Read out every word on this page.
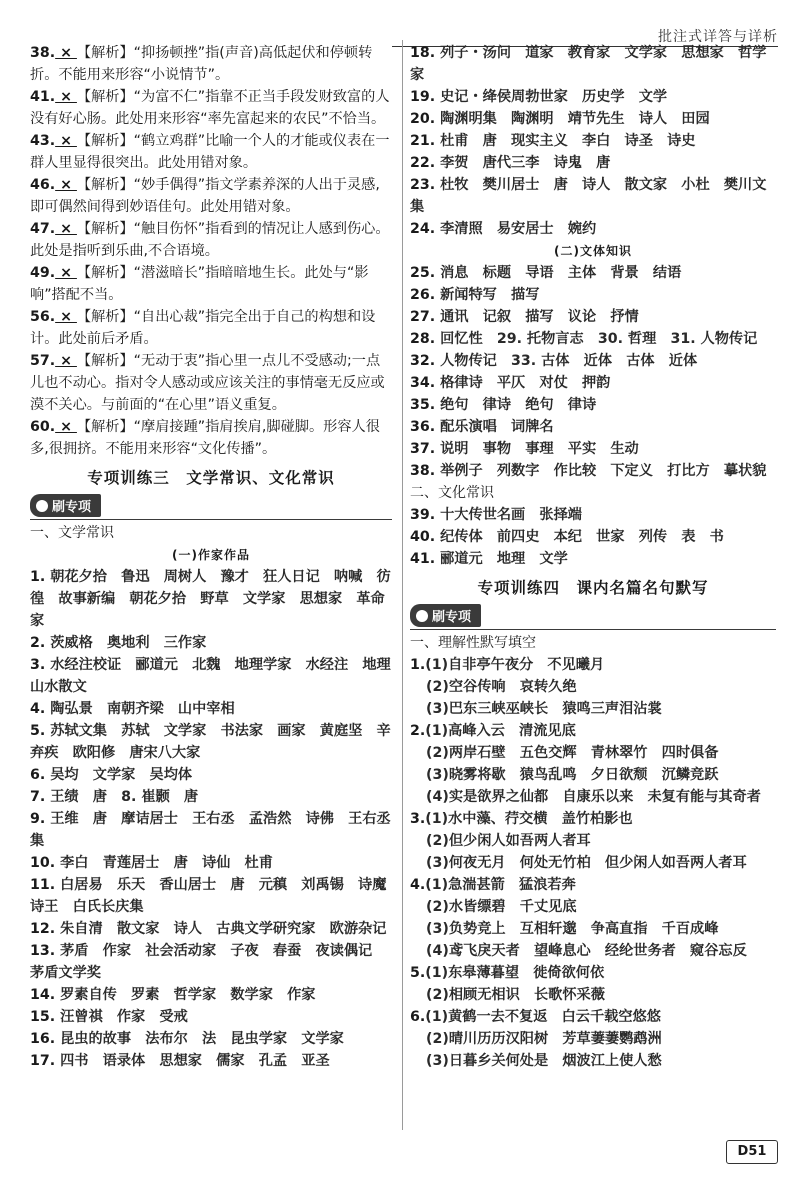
批注式详答与详析
38. × 【解析】“抑扬顿挫”指(声音)高低起伏和停顿转折。不能用来形容“小说情节”。
41. × 【解析】“为富不仁”指靠不正当手段发财致富的人没有好心肠。此处用来形容“率先富起来的农民”不恰当。
43. × 【解析】“鹤立鸡群”比喻一个人的才能或仪表在一群人里显得很突出。此处用错对象。
46. × 【解析】“妙手偶得”指文学素养深的人出于灵感,即可偶然间得到妙语佳句。此处用错对象。
47. × 【解析】“触目伤怀”指看到的情况让人感到伤心。此处是指听到乐曲,不合语境。
49. × 【解析】“潜滋暗长”指暗暗地生长。此处与“影响”搭配不当。
56. × 【解析】“自出心裁”指完全出于自己的构想和设计。此处前后矛盾。
57. × 【解析】“无动于衷”指心里一点儿不受感动;一点儿也不动心。指对令人感动或应该关注的事情毫无反应或漠不关心。与前面的“在心里”语义重复。
60. × 【解析】“摩肩接踵”指肩挨肩,脚碰脚。形容人很多,很拥挤。不能用来形容“文化传播”。
专项训练三　文学常识、文化常识
刷专项
一、文学常识
(一)作家作品
1. 朝花夕拾　鲁迅　周树人　豫才　狂人日记　呐喊　彷徨　故事新编　朝花夕拾　野草　文学家　思想家　革命家
2. 茨威格　奥地利　三作家
3. 水经注校证　郦道元　北魏　地理学家　水经注　地理　山水散文
4. 陶弘景　南朝齐梁　山中宰相
5. 苏轼文集　苏轼　文学家　书法家　画家　黄庭坚　辛弃疾　欧阳修　唐宋八大家
6. 吴均　文学家　吴均体
7. 王绩　唐　8. 崔颢　唐
9. 王维　唐　摩诘居士　王右丞　孟浩然　诗佛　王右丞集
10. 李白　青莲居士　唐　诗仙　杜甫
11. 白居易　乐天　香山居士　唐　元稹　刘禹锡　诗魔　诗王　白氏长庆集
12. 朱自清　散文家　诗人　古典文学研究家　欧游杂记
13. 茅盾　作家　社会活动家　子夜　春蚕　夜读偶记　茅盾文学奖
14. 罗素自传　罗素　哲学家　数学家　作家
15. 汪曾祺　作家　受戒
16. 昆虫的故事　法布尔　法　昆虫学家　文学家
17. 四书　语录体　思想家　儒家　孔孟　亚圣
18. 列子・汤问　道家　教育家　文学家　思想家　哲学家
19. 史记・绛侯周勃世家　历史学　文学
20. 陶渊明集　陶渊明　靖节先生　诗人　田园
21. 杜甫　唐　现实主义　李白　诗圣　诗史
22. 李贺　唐代三李　诗鬼　唐
23. 杜牧　樊川居士　唐　诗人　散文家　小杜　樊川文集
24. 李清照　易安居士　婉约
(二)文体知识
25. 消息　标题　导语　主体　背景　结语
26. 新闻特写　描写
27. 通讯　记叙　描写　议论　抒情
28. 回忆性　29. 托物言志　30. 哲理　31. 人物传记
32. 人物传记　33. 古体　近体　古体　近体
34. 格律诗　平仄　对仗　押韵
35. 绝句　律诗　绝句　律诗
36. 配乐演唱　词牌名
37. 说明　事物　事理　平实　生动
38. 举例子　列数字　作比较　下定义　打比方　摹状貌
二、文化常识
39. 十大传世名画　张择端
40. 纪传体　前四史　本纪　世家　列传　表　书
41. 郦道元　地理　文学
专项训练四　课内名篇名句默写
刷专项
一、理解性默写填空
1.(1)自非亭午夜分　不见曦月
(2)空谷传响　哀转久绝
(3)巴东三峡巫峡长　猿鸣三声泪沾裳
2.(1)高峰入云　清流见底
(2)两岸石壁　五色交辉　青林翠竹　四时俱备
(3)晓雾将歇　猿鸟乱鸣　夕日欲颓　沉鳞竞跃
(4)实是欲界之仙都　自康乐以来　未复有能与其奇者
3.(1)水中藻、荇交横　盖竹柏影也
(2)但少闲人如吾两人者耳
(3)何夜无月　何处无竹柏　但少闲人如吾两人者耳
4.(1)急湍甚箭　猛浪若奔
(2)水皆缥碧　千丈见底
(3)负势竞上　互相轩邈　争高直指　千百成峰
(4)鸢飞戾天者　望峰息心　经纶世务者　窥谷忘反
5.(1)东皋薄暮望　徙倚欲何依
(2)相顾无相识　长歌怀采薇
6.(1)黄鹤一去不复返　白云千载空悠悠
(2)晴川历历汉阳树　芳草萋萋鹦鹉洲
(3)日暮乡关何处是　烟波江上使人愁
D51
